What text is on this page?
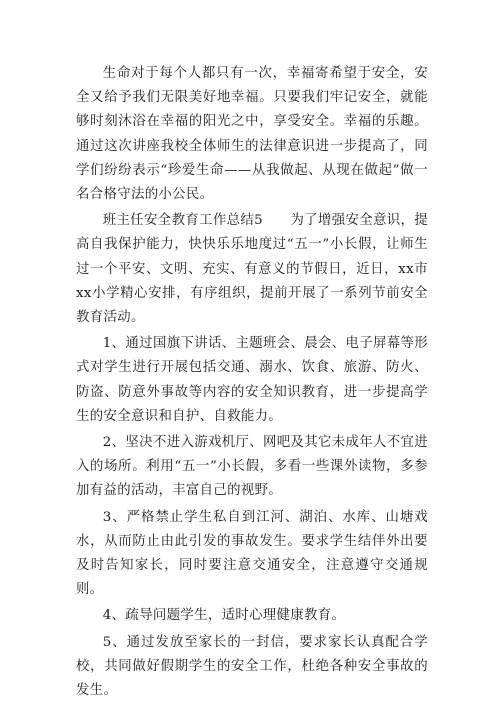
生命对于每个人都只有一次，幸福寄希望于安全，安全又给予我们无限美好地幸福。只要我们牢记安全，就能够时刻沐浴在幸福的阳光之中，享受安全。幸福的乐趣。通过这次讲座我校全体师生的法律意识进一步提高了，同学们纷纷表示“珍爱生命——从我做起、从现在做起”做一名合格守法的小公民。

班主任安全教育工作总结5　　为了增强安全意识，提高自我保护能力，快快乐乐地度过“五一”小长假，让师生过一个平安、文明、充实、有意义的节假日，近日，xx市xx小学精心安排，有序组织，提前开展了一系列节前安全教育活动。

1、通过国旗下讲话、主题班会、晨会、电子屏幕等形式对学生进行开展包括交通、溺水、饮食、旅游、防火、防盗、防意外事故等内容的安全知识教育，进一步提高学生的安全意识和自护、自救能力。

2、坚决不进入游戏机厅、网吧及其它未成年人不宜进入的场所。利用“五一”小长假，多看一些课外读物，多参加有益的活动，丰富自己的视野。

3、严格禁止学生私自到江河、湖泊、水库、山塘戏水，从而防止由此引发的事故发生。要求学生结伴外出要及时告知家长，同时要注意交通安全，注意遵守交通规则。

4、疏导问题学生，适时心理健康教育。

5、通过发放至家长的一封信，要求家长认真配合学校，共同做好假期学生的安全工作，杜绝各种安全事故的发生。
